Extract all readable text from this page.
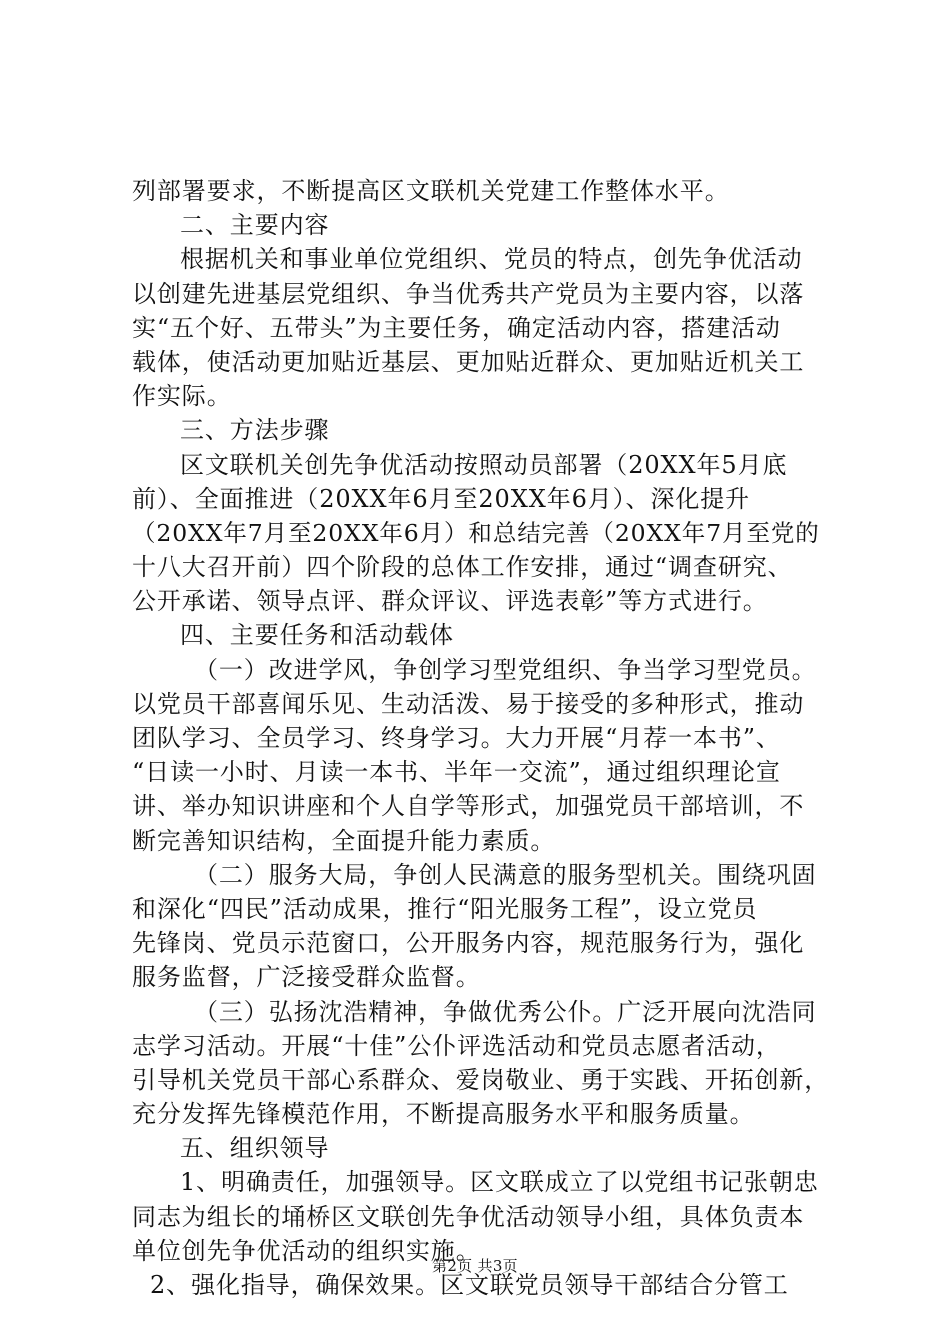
列部署要求，不断提高区文联机关党建工作整体水平。
二、主要内容
根据机关和事业单位党组织、党员的特点，创先争优活动
以创建先进基层党组织、争当优秀共产党员为主要内容，以落
实“五个好、五带头”为主要任务，确定活动内容，搭建活动
载体，使活动更加贴近基层、更加贴近群众、更加贴近机关工
作实际。
三、方法步骤
区文联机关创先争优活动按照动员部署（20XX年5月底
前）、全面推进（20XX年6月至20XX年6月）、深化提升
（20XX年7月至20XX年6月）和总结完善（20XX年7月至党的
十八大召开前）四个阶段的总体工作安排，通过“调查研究、
公开承诺、领导点评、群众评议、评选表彰”等方式进行。
四、主要任务和活动载体
（一）改进学风，争创学习型党组织、争当学习型党员。
以党员干部喜闻乐见、生动活泼、易于接受的多种形式，推动
团队学习、全员学习、终身学习。大力开展“月荐一本书”、
“日读一小时、月读一本书、半年一交流”，通过组织理论宣
讲、举办知识讲座和个人自学等形式，加强党员干部培训，不
断完善知识结构，全面提升能力素质。
（二）服务大局，争创人民满意的服务型机关。围绕巩固
和深化“四民”活动成果，推行“阳光服务工程”，设立党员
先锋岗、党员示范窗口，公开服务内容，规范服务行为，强化
服务监督，广泛接受群众监督。
（三）弘扬沈浩精神，争做优秀公仆。广泛开展向沈浩同
志学习活动。开展“十佳”公仆评选活动和党员志愿者活动，
引导机关党员干部心系群众、爱岗敬业、勇于实践、开拓创新，
充分发挥先锋模范作用，不断提高服务水平和服务质量。
五、组织领导
1、明确责任，加强领导。区文联成立了以党组书记张朝忠
同志为组长的埇桥区文联创先争优活动领导小组，具体负责本
单位创先争优活动的组织实施。
2、强化指导，确保效果。区文联党员领导干部结合分管工
第2页 共3页
